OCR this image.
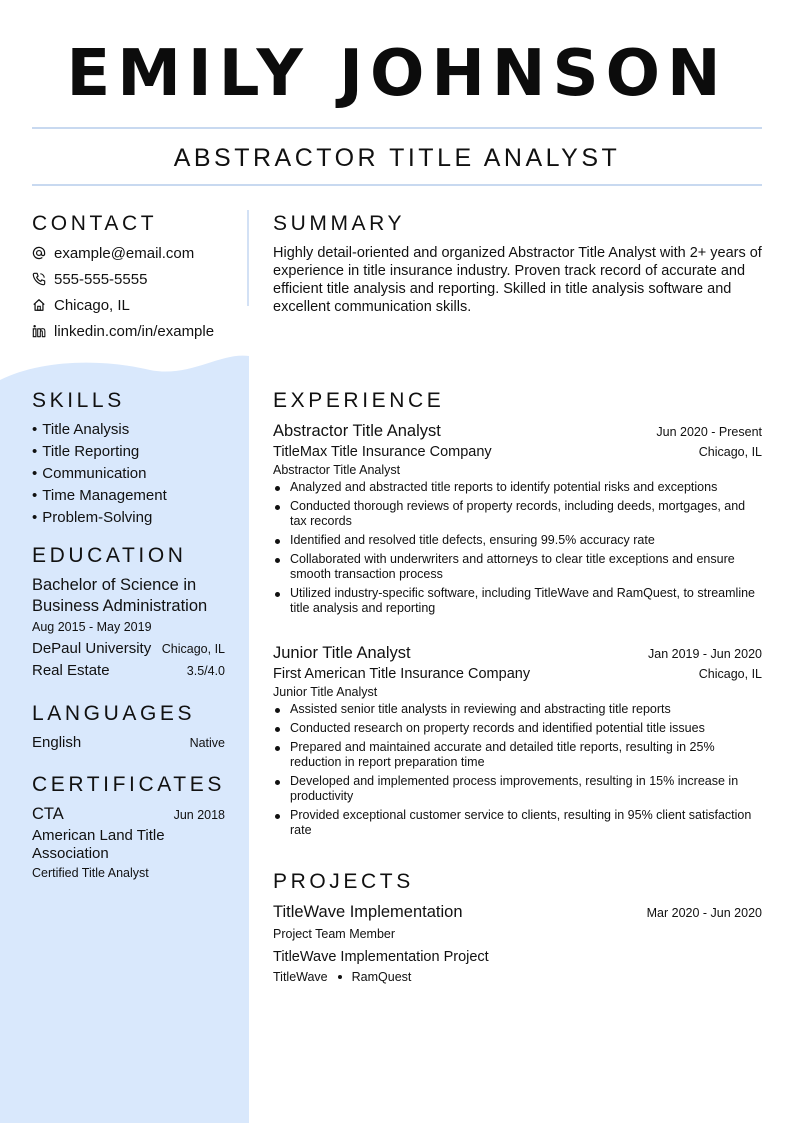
EMILY JOHNSON
ABSTRACTOR TITLE ANALYST
CONTACT
example@email.com
555-555-5555
Chicago, IL
linkedin.com/in/example
SKILLS
• Title Analysis
• Title Reporting
• Communication
• Time Management
• Problem-Solving
EDUCATION
Bachelor of Science in Business Administration
Aug 2015 - May 2019
DePaul University Chicago, IL
Real Estate	3.5/4.0
LANGUAGES
English	Native
CERTIFICATES
CTA	Jun 2018
American Land Title Association
Certified Title Analyst
SUMMARY
Highly detail-oriented and organized Abstractor Title Analyst with 2+ years of experience in title insurance industry. Proven track record of accurate and efficient title analysis and reporting. Skilled in title analysis software and excellent communication skills.
EXPERIENCE
Abstractor Title Analyst	Jun 2020 - Present
TitleMax Title Insurance Company	Chicago, IL
Abstractor Title Analyst
Analyzed and abstracted title reports to identify potential risks and exceptions
Conducted thorough reviews of property records, including deeds, mortgages, and tax records
Identified and resolved title defects, ensuring 99.5% accuracy rate
Collaborated with underwriters and attorneys to clear title exceptions and ensure smooth transaction process
Utilized industry-specific software, including TitleWave and RamQuest, to streamline title analysis and reporting
Junior Title Analyst	Jan 2019 - Jun 2020
First American Title Insurance Company	Chicago, IL
Junior Title Analyst
Assisted senior title analysts in reviewing and abstracting title reports
Conducted research on property records and identified potential title issues
Prepared and maintained accurate and detailed title reports, resulting in 25% reduction in report preparation time
Developed and implemented process improvements, resulting in 15% increase in productivity
Provided exceptional customer service to clients, resulting in 95% client satisfaction rate
PROJECTS
TitleWave Implementation	Mar 2020 - Jun 2020
Project Team Member
TitleWave Implementation Project
TitleWave RamQuest
